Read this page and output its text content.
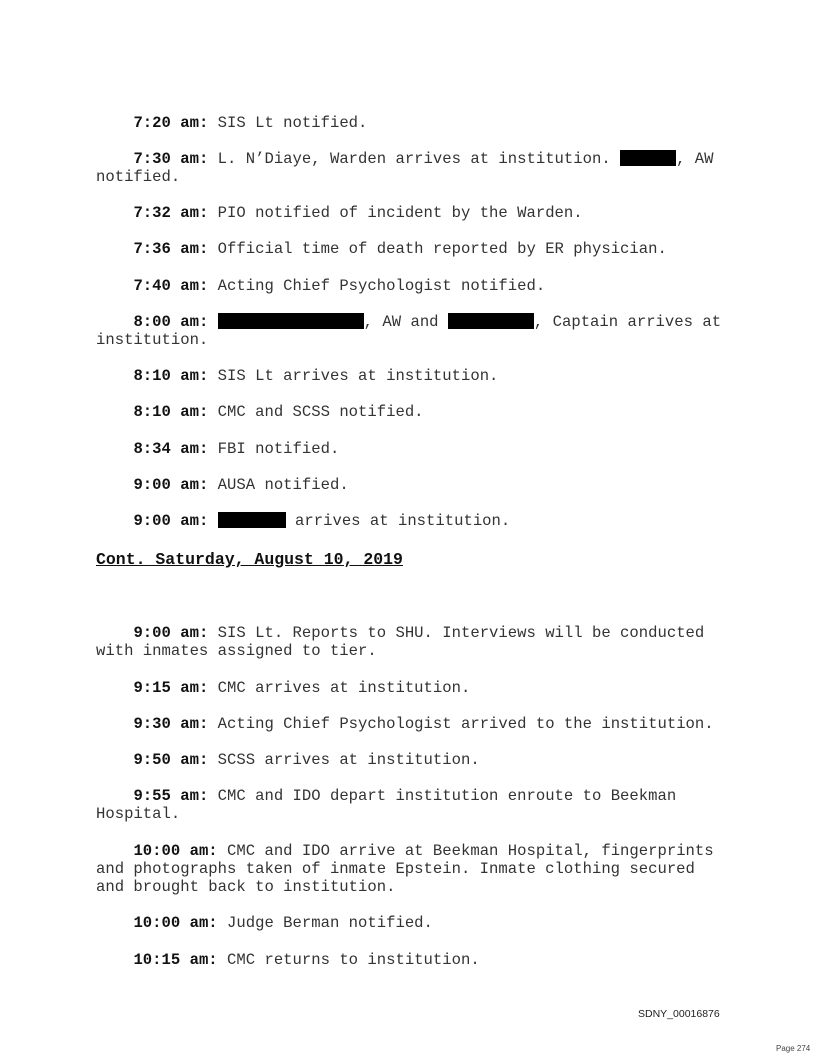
7:20 am: SIS Lt notified.

7:30 am: L. N’Diaye, Warden arrives at institution.	, AW
notified.

7:32 am: PIO notified of incident by the Warden.

7:36 am: Official time of death reported by ER physician.

7:40 am: Acting Chief Psychologist notified.

8:00 am:	, AW and	, Captain arrives at
institution.

8:10 am: SIS Lt arrives at institution.

8:10 am: CMC and SCSS notified.

8:34 am: FBI notified.

9:00 am: AUSA notified.

9:00 am:	arrives at institution.

Cont. Saturday, August 10, 2019

9:00 am: SIS Lt. Reports to SHU. Interviews will be conducted
with inmates assigned to tier.

9:15 am: CMC arrives at institution.

9:30 am: Acting Chief Psychologist arrived to the institution.

9:50 am: SCSS arrives at institution.

9:55 am: CMC and IDO depart institution enroute to Beekman
Hospital.

10:00 am: CMC and IDO arrive at Beekman Hospital, fingerprints
and photographs taken of inmate Epstein. Inmate clothing secured
and brought back to institution.

10:00 am: Judge Berman notified.

10:15 am: CMC returns to institution.

SDNY_00016876
Page 274
